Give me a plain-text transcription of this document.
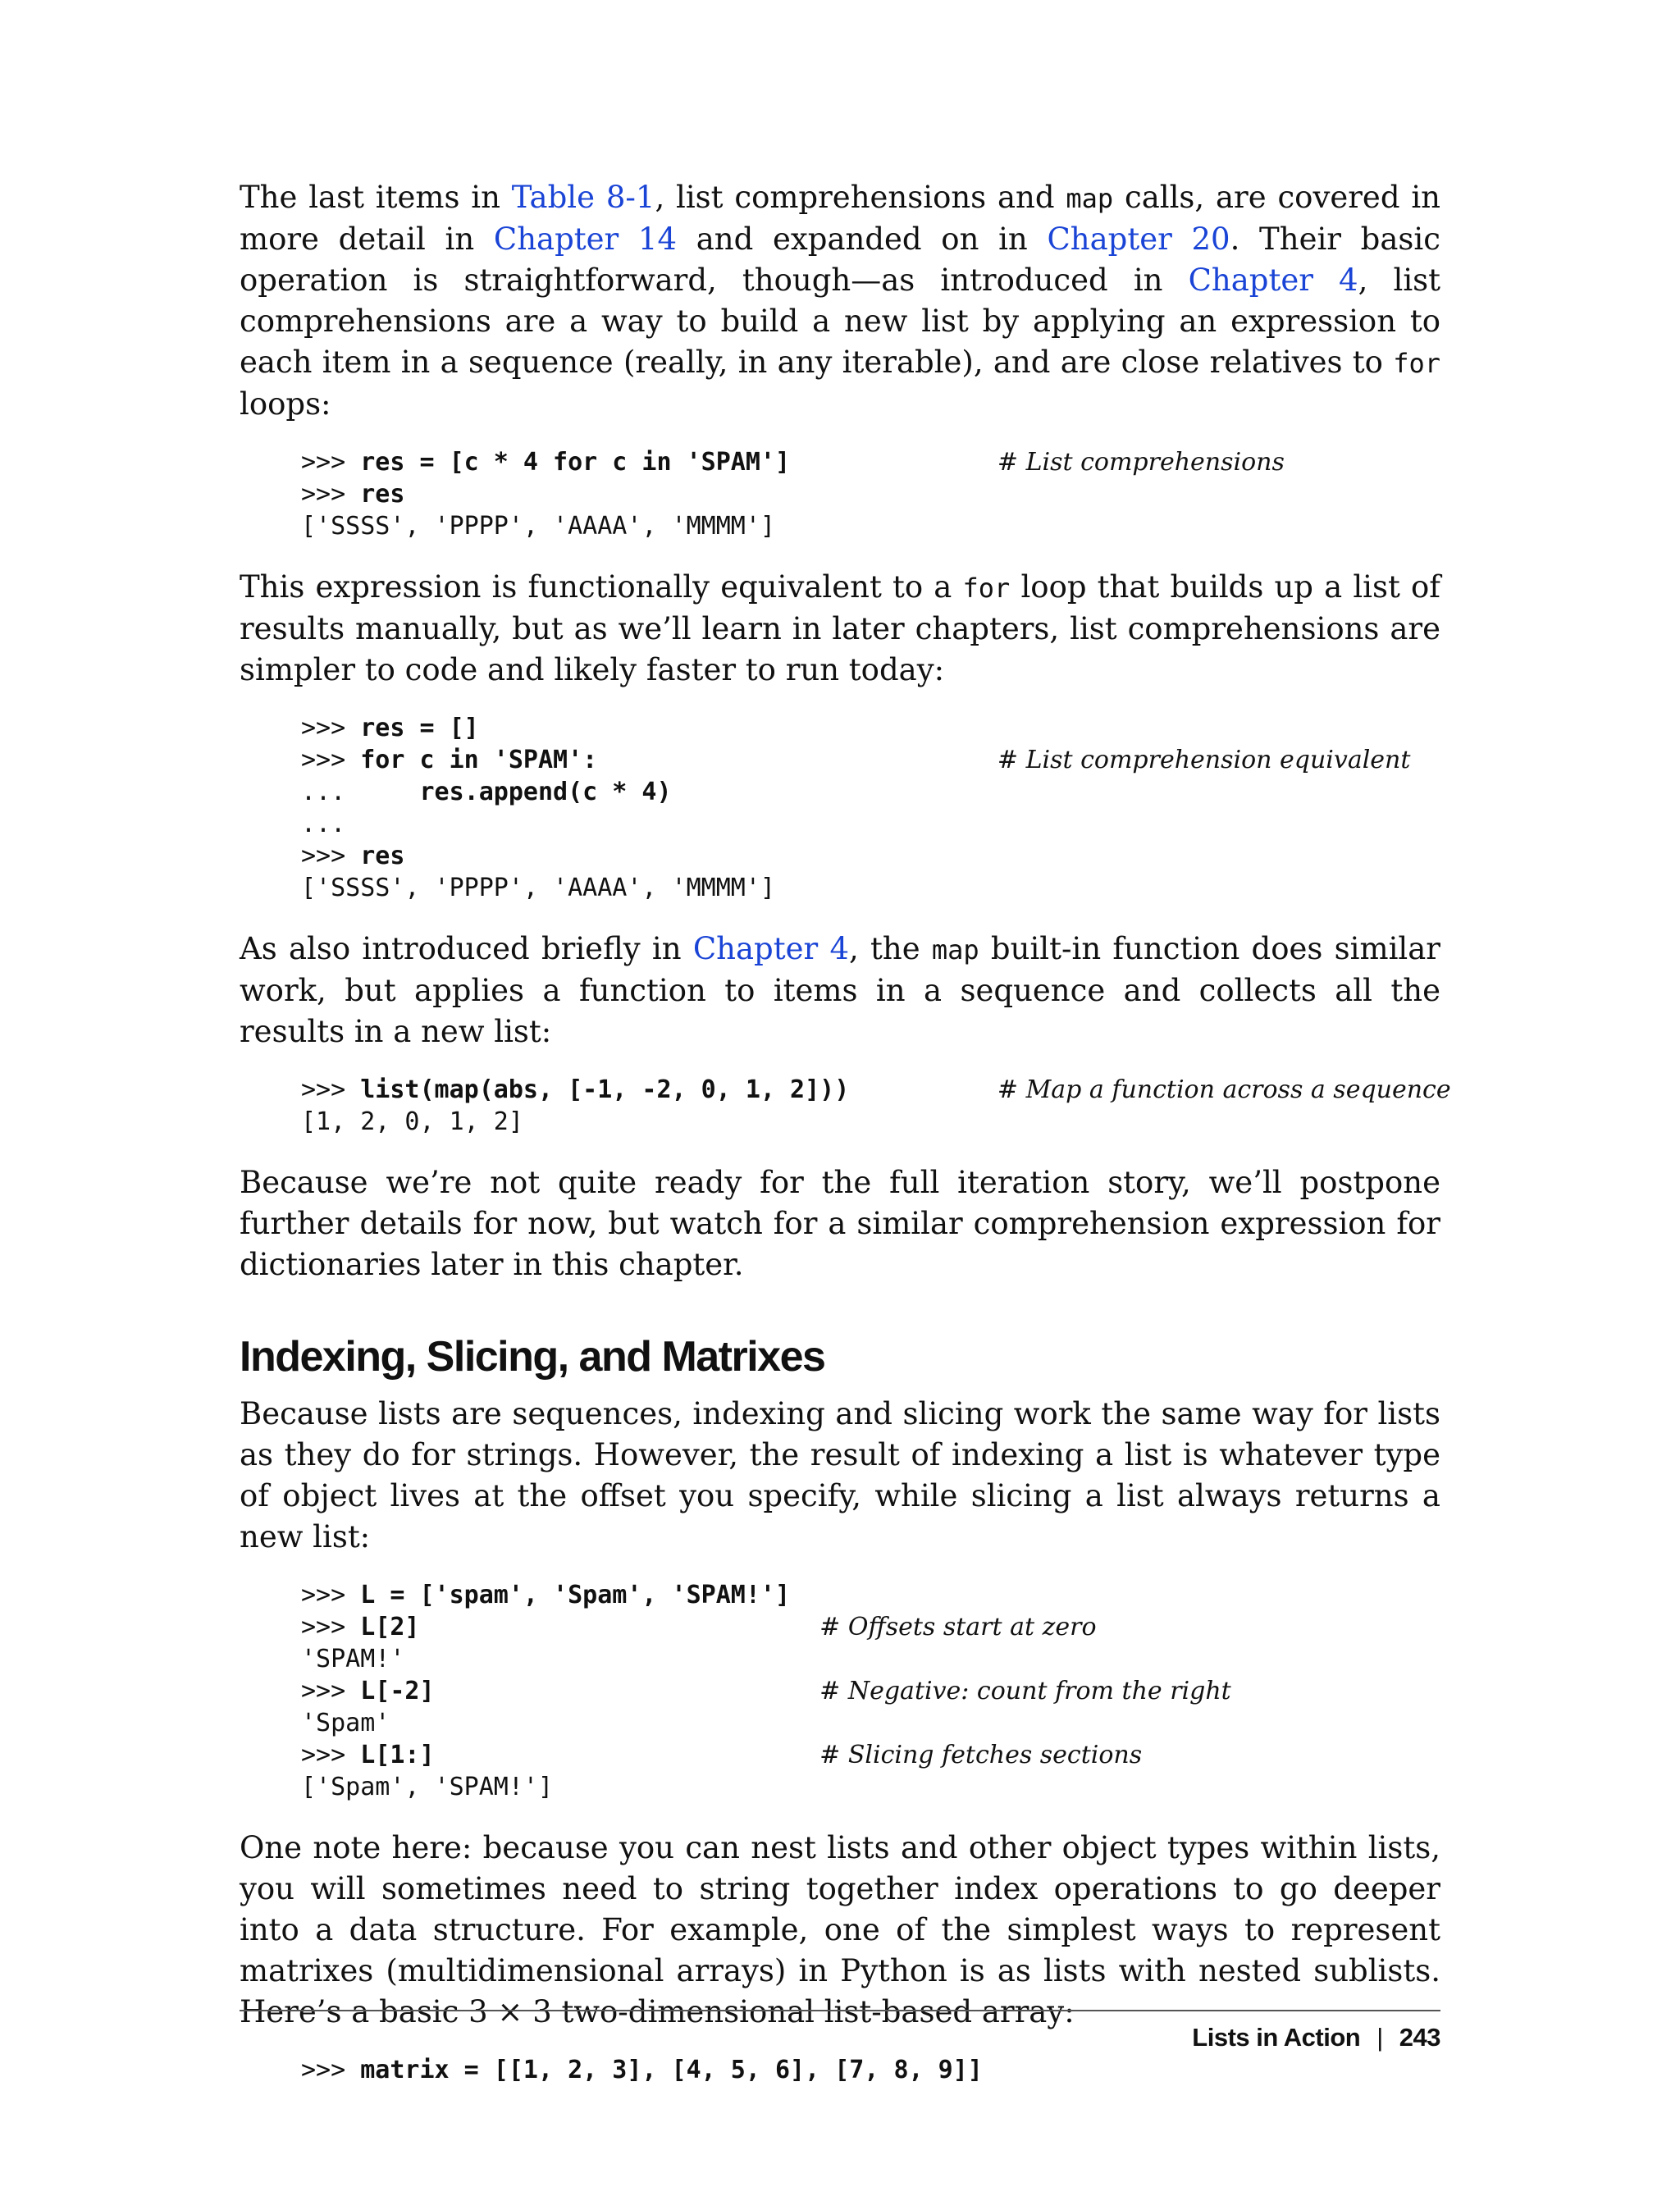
The last items in Table 8-1, list comprehensions and map calls, are covered in more detail in Chapter 14 and expanded on in Chapter 20. Their basic operation is straightforward, though—as introduced in Chapter 4, list comprehensions are a way to build a new list by applying an expression to each item in a sequence (really, in any iterable), and are close relatives to for loops:

>>> res = [c * 4 for c in 'SPAM']	# List comprehensions
>>> res
['SSSS', 'PPPP', 'AAAA', 'MMMM']

This expression is functionally equivalent to a for loop that builds up a list of results manually, but as we’ll learn in later chapters, list comprehensions are simpler to code and likely faster to run today:

>>> res = []
>>> for c in 'SPAM':	# List comprehension equivalent
...     res.append(c * 4)
...
>>> res
['SSSS', 'PPPP', 'AAAA', 'MMMM']

As also introduced briefly in Chapter 4, the map built-in function does similar work, but applies a function to items in a sequence and collects all the results in a new list:

>>> list(map(abs, [-1, -2, 0, 1, 2]))	# Map a function across a sequence
[1, 2, 0, 1, 2]

Because we’re not quite ready for the full iteration story, we’ll postpone further details for now, but watch for a similar comprehension expression for dictionaries later in this chapter.

Indexing, Slicing, and Matrixes

Because lists are sequences, indexing and slicing work the same way for lists as they do for strings. However, the result of indexing a list is whatever type of object lives at the offset you specify, while slicing a list always returns a new list:

>>> L = ['spam', 'Spam', 'SPAM!']
>>> L[2]	# Offsets start at zero
'SPAM!'
>>> L[-2]	# Negative: count from the right
'Spam'
>>> L[1:]	# Slicing fetches sections
['Spam', 'SPAM!']

One note here: because you can nest lists and other object types within lists, you will sometimes need to string together index operations to go deeper into a data structure. For example, one of the simplest ways to represent matrixes (multidimensional arrays) in Python is as lists with nested sublists. Here’s a basic 3 × 3 two-dimensional list-based array:

>>> matrix = [[1, 2, 3], [4, 5, 6], [7, 8, 9]]
Lists in Action | 243
